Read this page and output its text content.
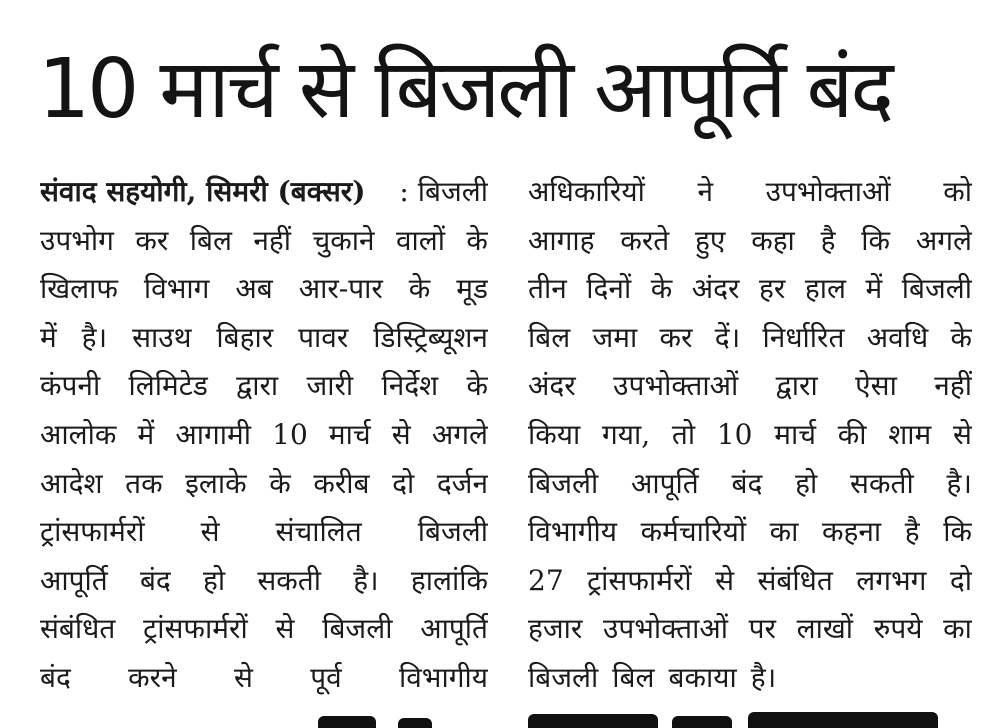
10 मार्च से बिजली आपूर्ति बंद
संवाद सहयोगी, सिमरी (बक्सर) : बिजली
उपभोग कर बिल नहीं चुकाने वालों के
खिलाफ विभाग अब आर-पार के मूड
में है। साउथ बिहार पावर डिस्ट्रिब्यूशन
कंपनी लिमिटेड द्वारा जारी निर्देश के
आलोक में आगामी 10 मार्च से अगले
आदेश तक इलाके के करीब दो दर्जन
ट्रांसफार्मरों से संचालित बिजली
आपूर्ति बंद हो सकती है। हालांकि
संबंधित ट्रांसफार्मरों से बिजली आपूर्ति
बंद करने से पूर्व विभागीय
अधिकारियों ने उपभोक्ताओं को
आगाह करते हुए कहा है कि अगले
तीन दिनों के अंदर हर हाल में बिजली
बिल जमा कर दें। निर्धारित अवधि के
अंदर उपभोक्ताओं द्वारा ऐसा नहीं
किया गया, तो 10 मार्च की शाम से
बिजली आपूर्ति बंद हो सकती है।
विभागीय कर्मचारियों का कहना है कि
27 ट्रांसफार्मरों से संबंधित लगभग दो
हजार उपभोक्ताओं पर लाखों रुपये का
बिजली बिल बकाया है।
